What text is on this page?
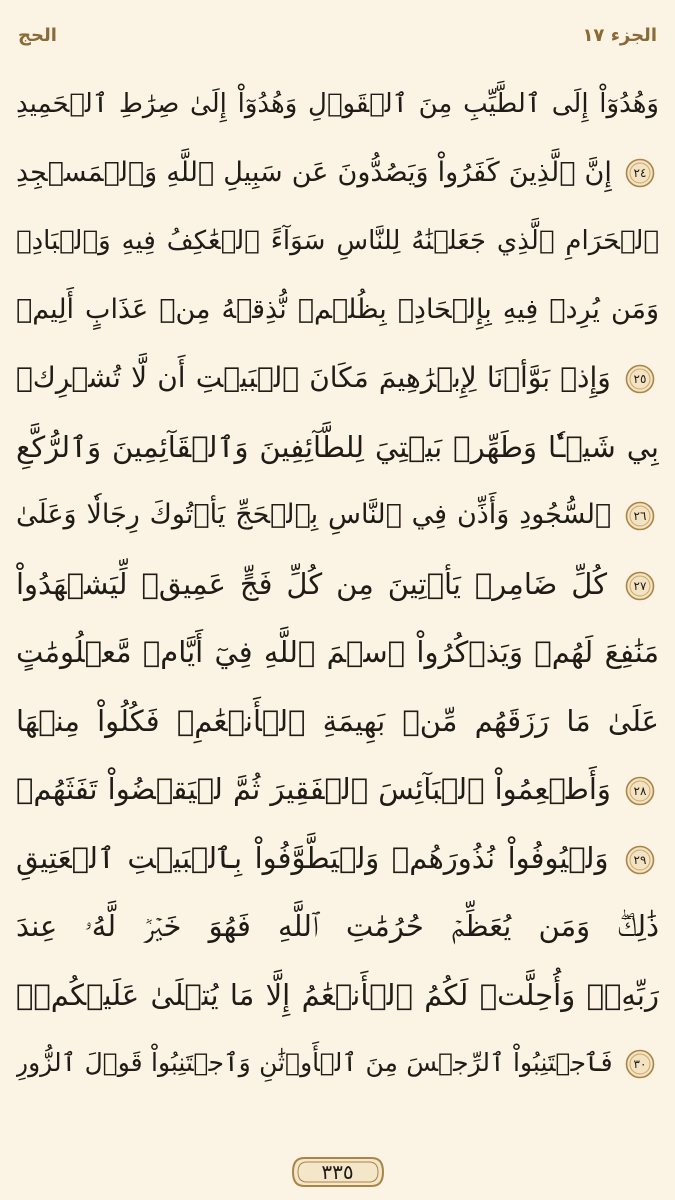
الجزء ١٧
الحج
وَهُدُوٓاْ إِلَى ٱلطَّيِّبِ مِنَ ٱلۡقَوۡلِ وَهُدُوٓاْ إِلَىٰ صِرَٰطِ ٱلۡحَمِيدِ
٢٤
إِنَّ ٱلَّذِينَ كَفَرُواْ وَيَصُدُّونَ عَن سَبِيلِ ٱللَّهِ وَٱلۡمَسۡجِدِ
ٱلۡحَرَامِ ٱلَّذِي جَعَلۡنَٰهُ لِلنَّاسِ سَوَآءً ٱلۡعَٰكِفُ فِيهِ وَٱلۡبَادِۚ
وَمَن يُرِدۡ فِيهِ بِإِلۡحَادِۭ بِظُلۡمٖ نُّذِقۡهُ مِنۡ عَذَابٍ أَلِيمٖ
٢٥
وَإِذۡ بَوَّأۡنَا لِإِبۡرَٰهِيمَ مَكَانَ ٱلۡبَيۡتِ أَن لَّا تُشۡرِكۡ
بِي شَيۡـٔٗا وَطَهِّرۡ بَيۡتِيَ لِلطَّآئِفِينَ وَٱلۡقَآئِمِينَ وَٱلرُّكَّعِ
٢٦
ٱلسُّجُودِ وَأَذِّن فِي ٱلنَّاسِ بِٱلۡحَجِّ يَأۡتُوكَ رِجَالٗا وَعَلَىٰ
٢٧
كُلِّ ضَامِرٖ يَأۡتِينَ مِن كُلِّ فَجٍّ عَمِيقٖ لِّيَشۡهَدُواْ
مَنَٰفِعَ لَهُمۡ وَيَذۡكُرُواْ ٱسۡمَ ٱللَّهِ فِيٓ أَيَّامٖ مَّعۡلُومَٰتٍ
عَلَىٰ مَا رَزَقَهُم مِّنۢ بَهِيمَةِ ٱلۡأَنۡعَٰمِۖ فَكُلُواْ مِنۡهَا
٢٨
وَأَطۡعِمُواْ ٱلۡبَآئِسَ ٱلۡفَقِيرَ ثُمَّ لۡيَقۡضُواْ تَفَثَهُمۡ
٢٩
وَلۡيُوفُواْ نُذُورَهُمۡ وَلۡيَطَّوَّفُواْ بِٱلۡبَيۡتِ ٱلۡعَتِيقِ
ذَٰلِكَۖ وَمَن يُعَظِّمۡ حُرُمَٰتِ ٱللَّهِ فَهُوَ خَيۡرٞ لَّهُۥ عِندَ
رَبِّهِۦۗ وَأُحِلَّتۡ لَكُمُ ٱلۡأَنۡعَٰمُ إِلَّا مَا يُتۡلَىٰ عَلَيۡكُمۡۖ
٣٠
فَٱجۡتَنِبُواْ ٱلرِّجۡسَ مِنَ ٱلۡأَوۡثَٰنِ وَٱجۡتَنِبُواْ قَوۡلَ ٱلزُّورِ
٣٣٥
